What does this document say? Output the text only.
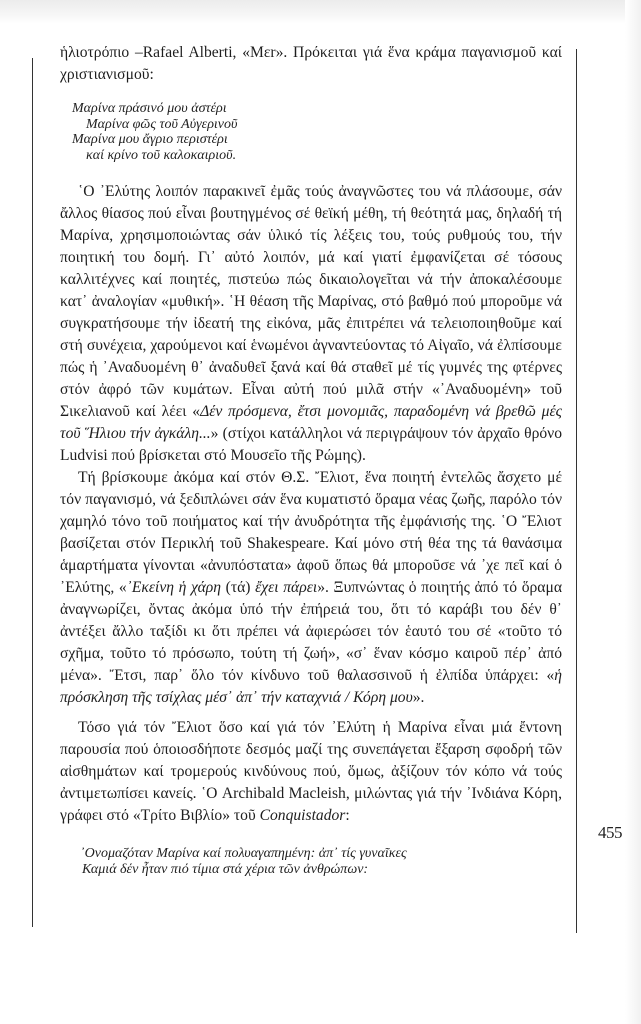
455

ἡλιοτρόπιο –Rafael Alberti, «Μεr». Πρόκειται γιά ἕνα κράμα παγανισμοῦ καί χριστιανισμοῦ:

Μαρίνα πράσινό μου ἀστέρι
Μαρίνα φῶς τοῦ Αὐγερινοῦ
Μαρίνα μου ἄγριο περιστέρι
καί κρίνο τοῦ καλοκαιριοῦ.

῾Ο ᾿Ελύτης λοιπόν παρακινεῖ ἐμᾶς τούς ἀναγνῶστες του νά πλάσουμε, σάν ἄλλος θίασος πού εἶναι βουτηγμένος σέ θεϊκή μέθη, τή θεότητά μας, δηλαδή τή Μαρίνα, χρησιμοποιώντας σάν ὑλικό τίς λέξεις του, τούς ρυθμούς του, τήν ποιητική του δομή. Γι᾿ αὐτό λοιπόν, μά καί γιατί ἐμφανίζεται σέ τόσους καλλιτέχνες καί ποιητές, πιστεύω πώς δικαιολογεῖται νά τήν ἀποκαλέσουμε κατ᾿ ἀναλογίαν «μυθική». ῾Η θέαση τῆς Μαρίνας, στό βαθμό πού μποροῦμε νά συγκρατήσουμε τήν ἰδεατή της εἰκόνα, μᾶς ἐπιτρέπει νά τελειοποιηθοῦμε καί στή συνέχεια, χαρούμενοι καί ἑνωμένοι ἀγναντεύοντας τό Αἰγαῖο, νά ἐλπίσουμε πώς ἡ ᾿Αναδυομένη θ᾿ ἀναδυθεῖ ξανά καί θά σταθεῖ μέ τίς γυμνές της φτέρνες στόν ἀφρό τῶν κυμάτων. Εἶναι αὐτή πού μιλᾶ στήν «᾿Αναδυομένη» τοῦ Σικελιανοῦ καί λέει «Δέν πρόσμενα, ἔτσι μονομιᾶς, παραδομένη νά βρεθῶ μές τοῦ Ἥλιου τήν ἀγκάλη...» (στίχοι κατάλληλοι νά περιγράψουν τόν ἀρχαῖο θρόνο Ludvisi πού βρίσκεται στό Μουσεῖο τῆς Ρώμης).

Τή βρίσκουμε ἀκόμα καί στόν Θ.Σ. Ἔλιοτ, ἕνα ποιητή ἐντελῶς ἄσχετο μέ τόν παγανισμό, νά ξεδιπλώνει σάν ἕνα κυματιστό ὅραμα νέας ζωῆς, παρόλο τόν χαμηλό τόνο τοῦ ποιήματος καί τήν ἀνυδρότητα τῆς ἐμφάνισής της. ῾Ο Ἔλιοτ βασίζεται στόν Περικλή τοῦ Shakespeare. Καί μόνο στή θέα της τά θανάσιμα ἁμαρτήματα γίνονται «ἀνυπόστατα» ἀφοῦ ὅπως θά μποροῦσε νά ᾿χε πεῖ καί ὁ ᾿Ελύτης, «᾿Εκείνη ἡ χάρη (τά) ἔχει πάρει». Ξυπνώντας ὁ ποιητής ἀπό τό ὅραμα ἀναγνωρίζει, ὄντας ἀκόμα ὑπό τήν ἐπήρειά του, ὅτι τό καράβι του δέν θ᾿ ἀντέξει ἄλλο ταξίδι κι ὅτι πρέπει νά ἀφιερώσει τόν ἑαυτό του σέ «τοῦτο τό σχῆμα, τοῦτο τό πρόσωπο, τούτη τή ζωή», «σ᾿ ἕναν κόσμο καιροῦ πέρ᾿ ἀπό μένα». Ἔτσι, παρ᾿ ὅλο τόν κίνδυνο τοῦ θαλασσινοῦ ἡ ἐλπίδα ὑπάρχει: «ἡ πρόσκληση τῆς τσίχλας μέσ᾿ ἀπ᾿ τήν καταχνιά / Κόρη μου».

Τόσο γιά τόν Ἔλιοτ ὅσο καί γιά τόν ᾿Ελύτη ἡ Μαρίνα εἶναι μιά ἔντονη παρουσία πού ὁποιοσδήποτε δεσμός μαζί της συνεπάγεται ἔξαρση σφοδρή τῶν αἰσθημάτων καί τρομερούς κινδύνους πού, ὅμως, ἀξίζουν τόν κόπο νά τούς ἀντιμετωπίσει κανείς. ῾Ο Archibald Macleish, μιλώντας γιά τήν ᾿Ινδιάνα Κόρη, γράφει στό «Τρίτο Βιβλίο» τοῦ Conquistador:

᾿Ονομαζόταν Μαρίνα καί πολυαγαπημένη: ἀπ᾿ τίς γυναῖκες
Καμιά δέν ἦταν πιό τίμια στά χέρια τῶν ἀνθρώπων:
